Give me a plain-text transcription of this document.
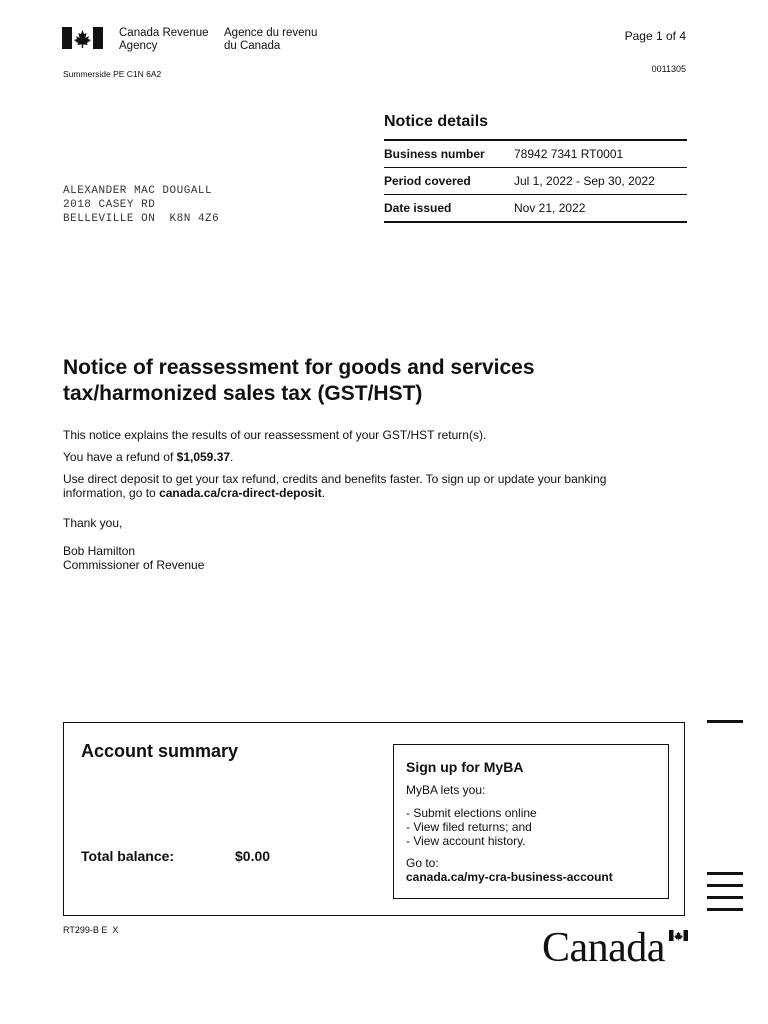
Canada Revenue
Agency
Agence du revenu
du Canada
Page 1 of 4
0011305
Summerside PE C1N 6A2
Notice details
Business number	78942 7341 RT0001
Period covered	Jul 1, 2022 - Sep 30, 2022
Date issued	Nov 21, 2022
ALEXANDER MAC DOUGALL
2018 CASEY RD
BELLEVILLE ON  K8N 4Z6
Notice of reassessment for goods and services
tax/harmonized sales tax (GST/HST)

This notice explains the results of our reassessment of your GST/HST return(s).

You have a refund of $1,059.37.

Use direct deposit to get your tax refund, credits and benefits faster. To sign up or update your banking information, go to canada.ca/cra-direct-deposit.

Thank you,

Bob Hamilton
Commissioner of Revenue

Account summary
Total balance:	$0.00
Sign up for MyBA
MyBA lets you:
- Submit elections online
- View filed returns; and
- View account history.
Go to:
canada.ca/my-cra-business-account
RT299-B E  X	Canada
